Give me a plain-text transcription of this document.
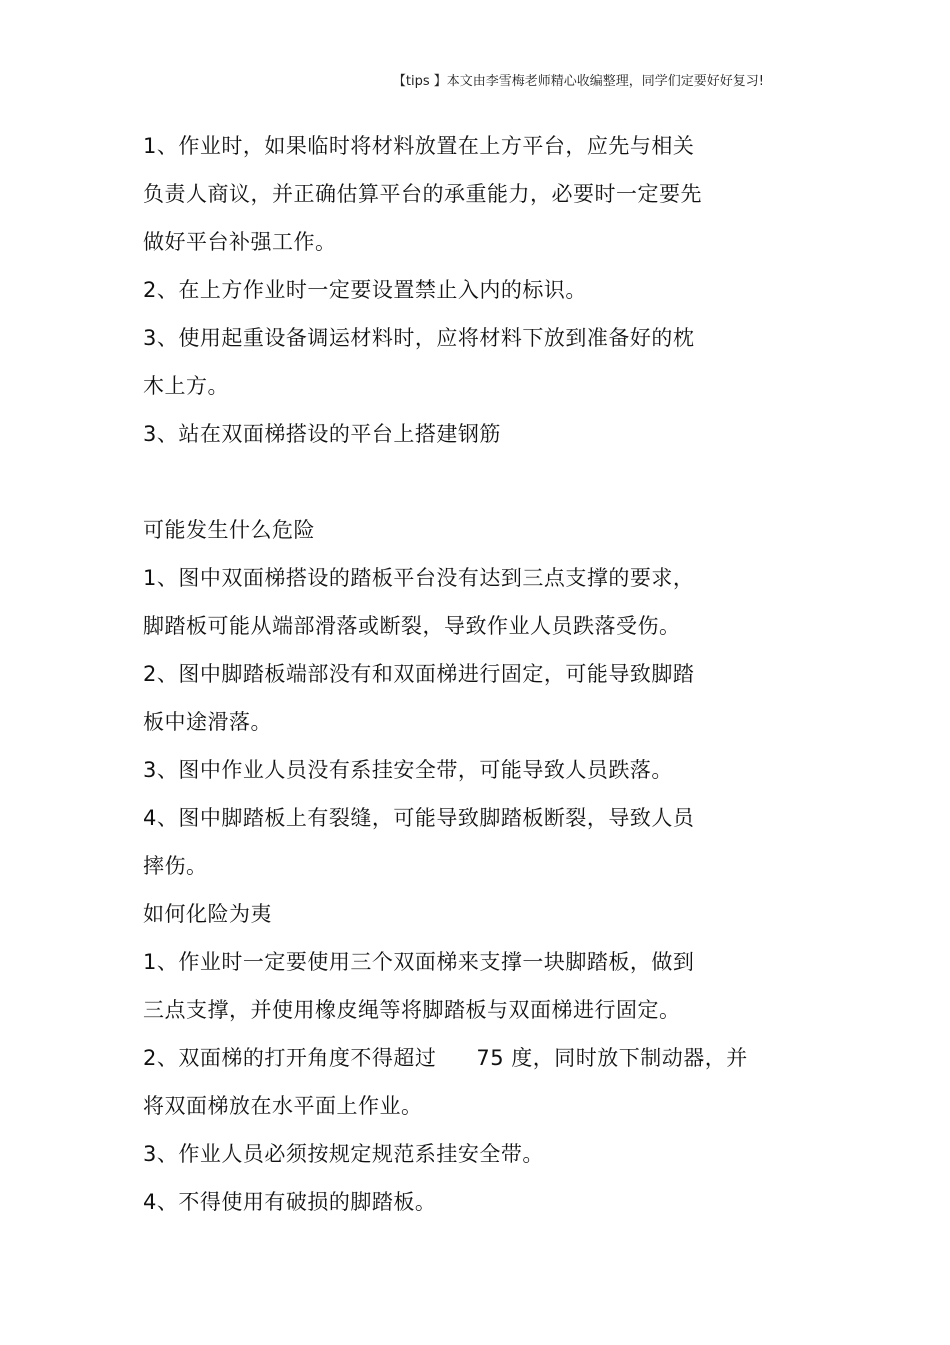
【tips 】本文由李雪梅老师精心收编整理，同学们定要好好复习!
1、作业时，如果临时将材料放置在上方平台，应先与相关
负责人商议，并正确估算平台的承重能力，必要时一定要先
做好平台补强工作。
2、在上方作业时一定要设置禁止入内的标识。
3、使用起重设备调运材料时，应将材料下放到准备好的枕
木上方。
3、站在双面梯搭设的平台上搭建钢筋
可能发生什么危险
1、图中双面梯搭设的踏板平台没有达到三点支撑的要求，
脚踏板可能从端部滑落或断裂，导致作业人员跌落受伤。
2、图中脚踏板端部没有和双面梯进行固定，可能导致脚踏
板中途滑落。
3、图中作业人员没有系挂安全带，可能导致人员跌落。
4、图中脚踏板上有裂缝，可能导致脚踏板断裂，导致人员
摔伤。
如何化险为夷
1、作业时一定要使用三个双面梯来支撑一块脚踏板，做到
三点支撑，并使用橡皮绳等将脚踏板与双面梯进行固定。
2、双面梯的打开角度不得超过 75 度，同时放下制动器，并
将双面梯放在水平面上作业。
3、作业人员必须按规定规范系挂安全带。
4、不得使用有破损的脚踏板。
